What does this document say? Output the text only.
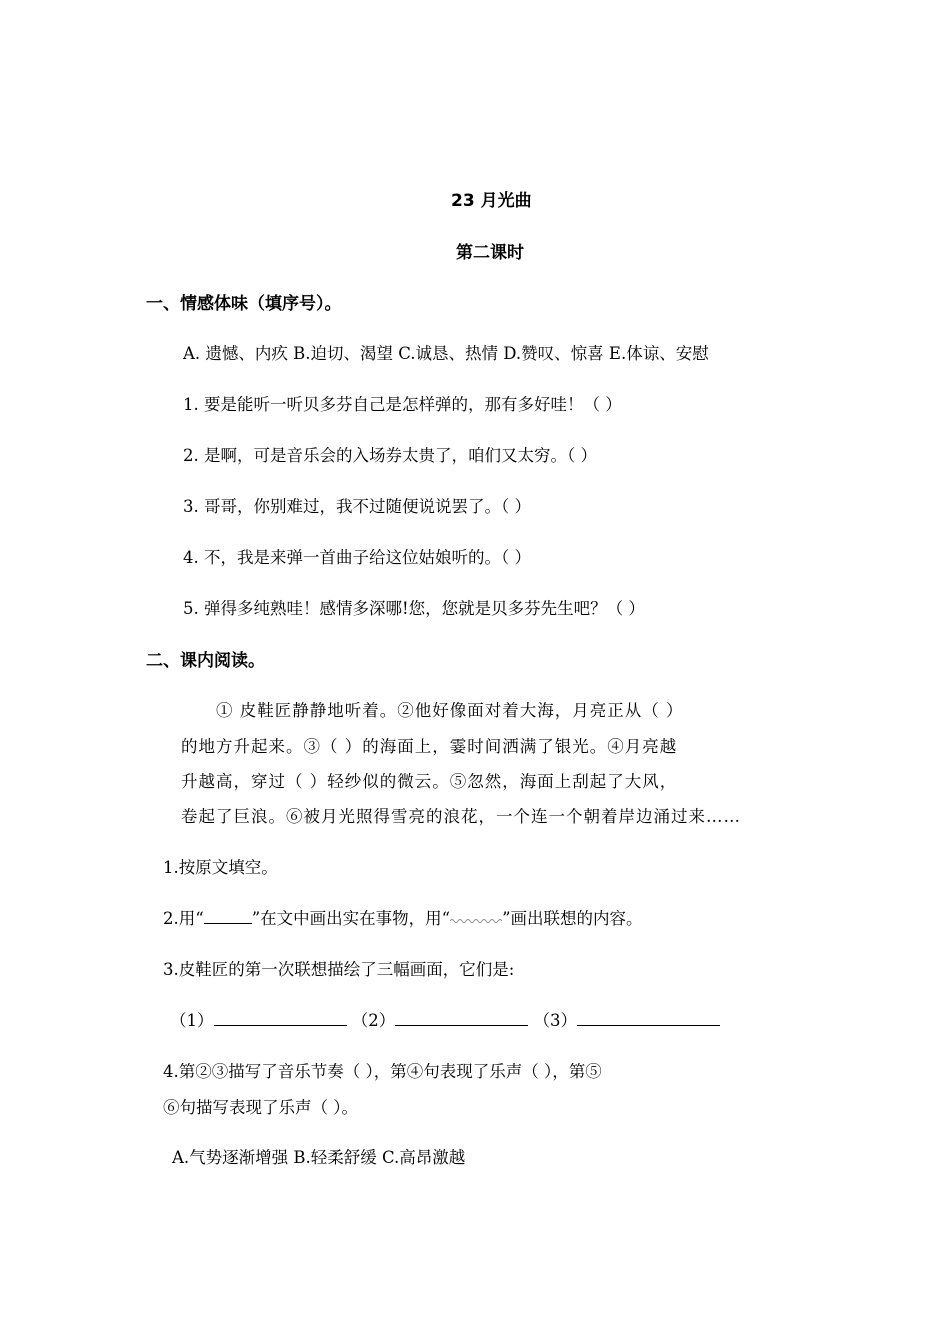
23 月光曲
第二课时
一、情感体味（填序号）。
A. 遗憾、内疚 B.迫切、渴望 C.诚恳、热情 D.赞叹、惊喜 E.体谅、安慰
1. 要是能听一听贝多芬自己是怎样弹的，那有多好哇！（ ）
2. 是啊，可是音乐会的入场券太贵了，咱们又太穷。（ ）
3. 哥哥，你别难过，我不过随便说说罢了。（ ）
4. 不，我是来弹一首曲子给这位姑娘听的。（ ）
5. 弹得多纯熟哇！感情多深哪!您，您就是贝多芬先生吧？（ ）
二、课内阅读。
① 皮鞋匠静静地听着。②他好像面对着大海，月亮正从（ ）
的地方升起来。③（ ）的海面上，霎时间洒满了银光。④月亮越
升越高，穿过（ ）轻纱似的微云。⑤忽然，海面上刮起了大风，
卷起了巨浪。⑥被月光照得雪亮的浪花，一个连一个朝着岸边涌过来……
1.按原文填空。
2.用“	”在文中画出实在事物，用“	”画出联想的内容。
3.皮鞋匠的第一次联想描绘了三幅画面，它们是:
（1）	（2）	（3）
4.第②③描写了音乐节奏（ ），第④句表现了乐声（ ），第⑤
⑥句描写表现了乐声（ ）。
A.气势逐渐增强 B.轻柔舒缓 C.高昂激越
